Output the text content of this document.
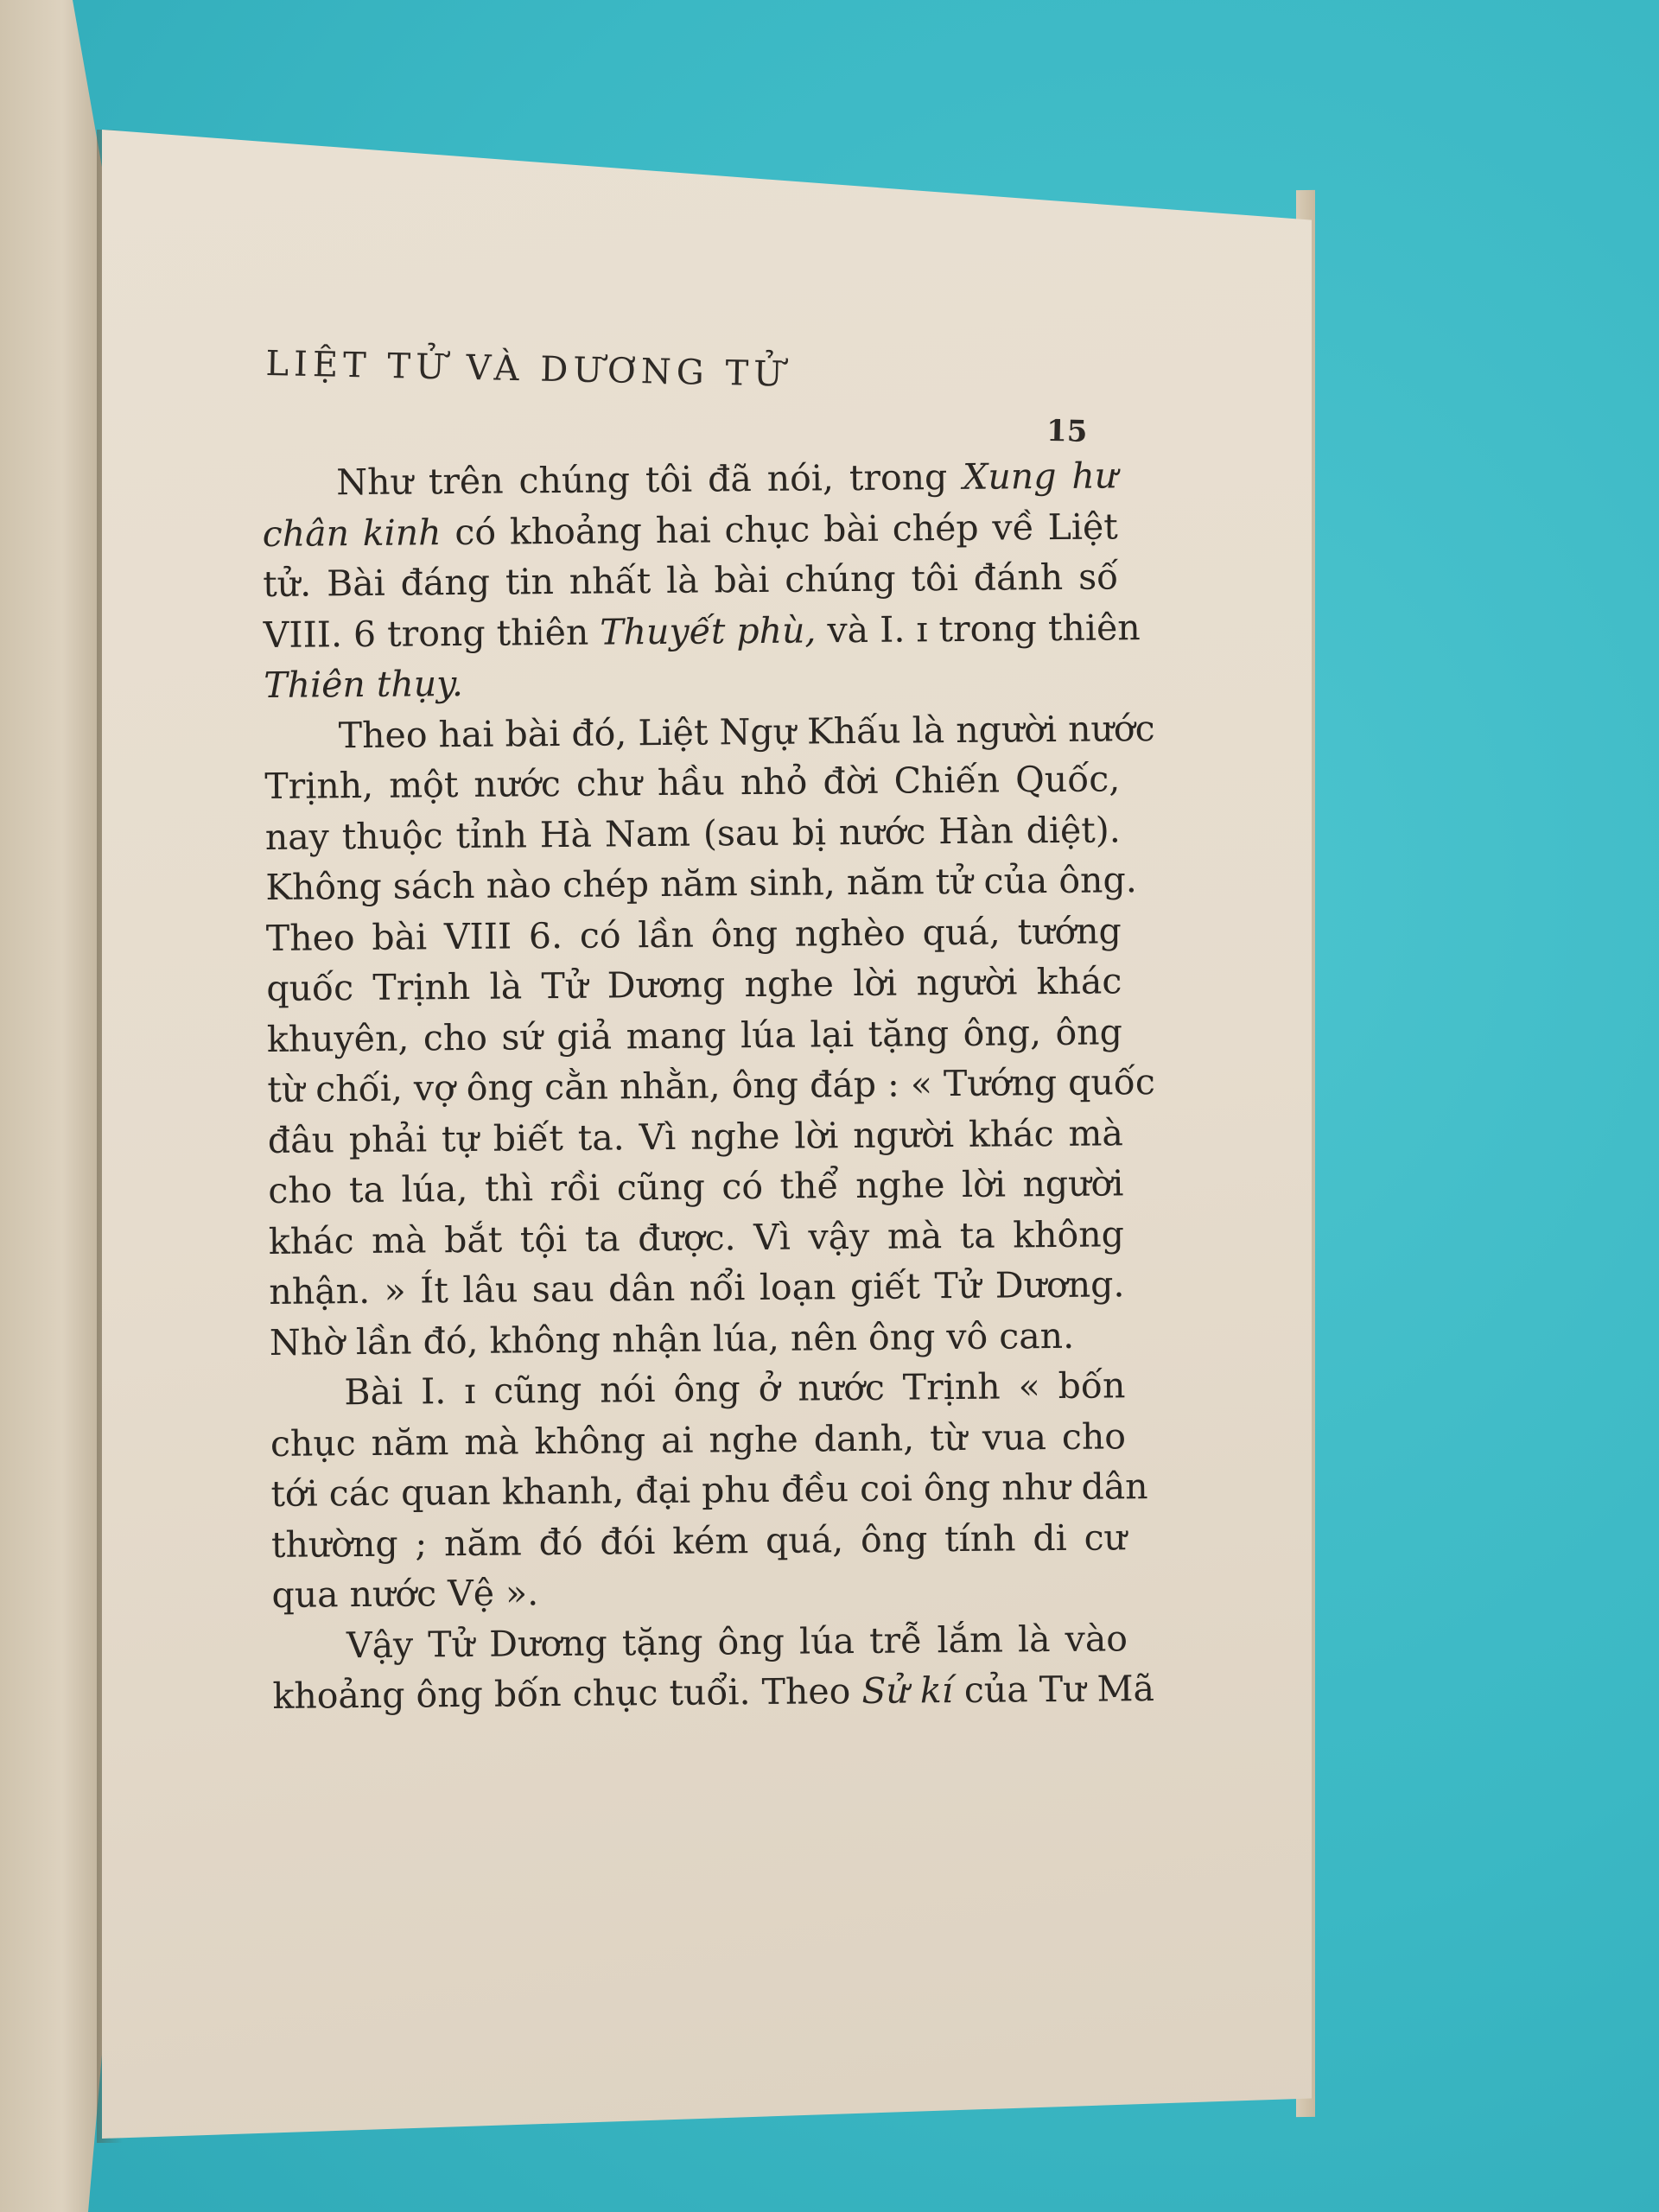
LIỆT TỬ VÀ DƯƠNG TỬ
15

Như trên chúng tôi đã nói, trong Xung hư
chân kinh có khoảng hai chục bài chép về Liệt
tử. Bài đáng tin nhất là bài chúng tôi đánh số
VIII. 6 trong thiên Thuyết phù, và I. ɪ trong thiên
Thiên thụy.

Theo hai bài đó, Liệt Ngự Khấu là người nước
Trịnh, một nước chư hầu nhỏ đời Chiến Quốc,
nay thuộc tỉnh Hà Nam (sau bị nước Hàn diệt).
Không sách nào chép năm sinh, năm tử của ông.
Theo bài VIII 6. có lần ông nghèo quá, tướng
quốc Trịnh là Tử Dương nghe lời người khác
khuyên, cho sứ giả mang lúa lại tặng ông, ông
từ chối, vợ ông cằn nhằn, ông đáp : « Tướng quốc
đâu phải tự biết ta. Vì nghe lời người khác mà
cho ta lúa, thì rồi cũng có thể nghe lời người
khác mà bắt tội ta được. Vì vậy mà ta không
nhận. » Ít lâu sau dân nổi loạn giết Tử Dương.
Nhờ lần đó, không nhận lúa, nên ông vô can.

Bài I. ɪ cũng nói ông ở nước Trịnh « bốn
chục năm mà không ai nghe danh, từ vua cho
tới các quan khanh, đại phu đều coi ông như dân
thường ; năm đó đói kém quá, ông tính di cư
qua nước Vệ ».

Vậy Tử Dương tặng ông lúa trễ lắm là vào
khoảng ông bốn chục tuổi. Theo Sử kí của Tư Mã
